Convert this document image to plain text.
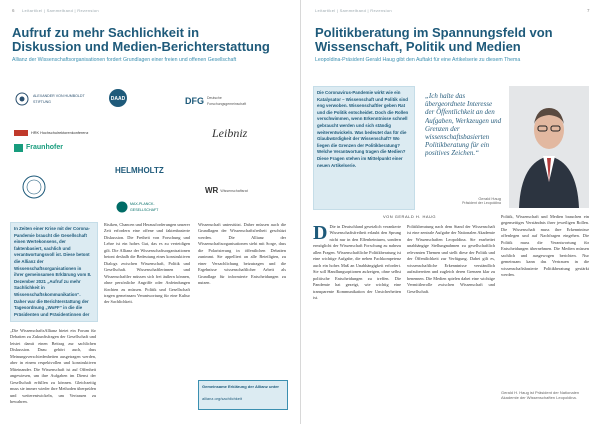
6 Leitartikel | Sammelband | Rezension
Aufruf zu mehr Sachlichkeit in
Diskussion und Medien-Berichterstattung
Allianz der Wissenschaftsorganisationen fordert Grundlagen einer freien und offenen Gesellschaft
ALEXANDER VON HUMBOLDT STIFTUNG	DAAD	DFG Deutsche Forschungsgemeinschaft
HRK Hochschulrektorenkonferenz
Fraunhofer
Leibniz
HELMHOLTZ
MAX-PLANCK-GESELLSCHAFT
WR Wissenschaftsrat
In Zeiten einer Krise mit der Corona-Pandemie braucht die Gesellschaft einen Wertekonsens, der faktenbasiert, sachlich und verantwortungsvoll ist. Diese betont die Allianz der Wissenschaftsorganisationen in ihrer gemeinsamen Erklärung vom 8. Dezember 2021 „Aufruf zu mehr Sachlichkeit in Wissenschaftskommunikation“. Daher war die Berichterstattung der Tagesordnung „WoFF“ in die die Präsidenten und Präsidentinnen der
„Die WissenschaftsAllianz bietet ein Forum für Debatten zu Zukunftsfragen der Gesellschaft und leistet damit einen Beitrag zur sachlichen Diskussion. Dazu gehört auch, dass Meinungsverschiedenheiten ausgetragen werden, aber in einem respektvollen und konstruktiven Miteinander. Die Wissenschaft ist auf Offenheit angewiesen, um ihre Aufgaben im Dienst der Gesellschaft erfüllen zu können. Gleichzeitig muss sie immer wieder ihre Methoden überprüfen und weiterentwickeln, um Vertrauen zu bewahren.
Risiken, Chancen und Herausforderungen unserer Zeit erfordern eine offene und faktenbasierte Diskussion. Die Freiheit von Forschung und Lehre ist ein hohes Gut, das es zu verteidigen gilt. Die Allianz der Wissenschaftsorganisationen betont deshalb die Bedeutung eines konstruktiven Dialogs zwischen Wissenschaft, Politik und Gesellschaft. Wissenschaftlerinnen und Wissenschaftler müssen sich frei äußern können, ohne persönliche Angriffe oder Anfeindungen fürchten zu müssen. Politik und Gesellschaft tragen gemeinsam Verantwortung für eine Kultur der Sachlichkeit.
Wissenschaft unterstützt. Daher müssen auch die Grundlagen der Wissenschaftsfreiheit geschützt werden. Die Allianz der Wissenschaftsorganisationen sieht mit Sorge, dass die Polarisierung in öffentlichen Debatten zunimmt. Sie appelliert an alle Beteiligten, zu einer Versachlichung beizutragen und die Ergebnisse wissenschaftlicher Arbeit als Grundlage für informierte Entscheidungen zu nutzen.
Gemeinsame Erklärung der Allianz unter
allianz.org/sachlichkeit
Leitartikel | Sammelband | Rezension	7
Politikberatung im Spannungsfeld von
Wissenschaft, Politik und Medien
Leopoldina-Präsident Gerald Haug gibt den Auftakt für eine Artikelserie zu diesem Thema
Die Coronavirus-Pandemie wirkt wie ein Katalysator – Wissenschaft und Politik sind eng verwoben. Wissenschaftler geben Rat und die Politik entscheidet. Doch die Rollen verschwimmen, wenn Erkenntnisse schnell gebraucht werden und sich ständig weiterentwickeln. Was bedeutet das für die Glaubwürdigkeit der Wissenschaft? Wo liegen die Grenzen der Politikberatung? Welche Verantwortung tragen die Medien? Diese Fragen stehen im Mittelpunkt einer neuen Artikelserie.
„Ich halte das übergeordnete Interesse der Öffentlichkeit an den Aufgaben, Werkzeugen und Grenzen der wissenschaftsbasierten Politikberatung für ein positives Zeichen.“
Gerald Haug
Präsident der Leopoldina
VON GERALD H. HAUG
D Die in Deutschland gesetzlich verankerte Wissenschaftsfreiheit erlaubt den Sprung nicht nur in den Elfenbeinturm, sondern ermöglicht der Wissenschaft Forschung zu nahezu allen Fragen. Wissenschaftliche Politikberatung ist eine wichtige Aufgabe, die neben Fachkompetenz auch ein hohes Maß an Unabhängigkeit erfordert. Sie soll Handlungsoptionen aufzeigen, ohne selbst politische Entscheidungen zu treffen. Die Pandemie hat gezeigt, wie wichtig eine transparente Kommunikation der Unsicherheiten ist.
Politikberatung nach dem Stand der Wissenschaft ist eine zentrale Aufgabe der Nationalen Akademie der Wissenschaften Leopoldina. Sie erarbeitet unabhängige Stellungnahmen zu gesellschaftlich relevanten Themen und stellt diese der Politik und der Öffentlichkeit zur Verfügung. Dabei gilt es, wissenschaftliche Erkenntnisse verständlich aufzubereiten und zugleich deren Grenzen klar zu benennen. Die Medien spielen dabei eine wichtige Vermittlerrolle zwischen Wissenschaft und Gesellschaft.
Politik, Wissenschaft und Medien brauchen ein gegenseitiges Verständnis ihrer jeweiligen Rollen. Die Wissenschaft muss ihre Erkenntnisse offenlegen und auf Nachfragen eingehen. Die Politik muss die Verantwortung für Entscheidungen übernehmen. Die Medien müssen sachlich und ausgewogen berichten. Nur gemeinsam kann das Vertrauen in die wissenschaftsbasierte Politikberatung gestärkt werden.
Gerald H. Haug ist Präsident der Nationalen Akademie der Wissenschaften Leopoldina.
